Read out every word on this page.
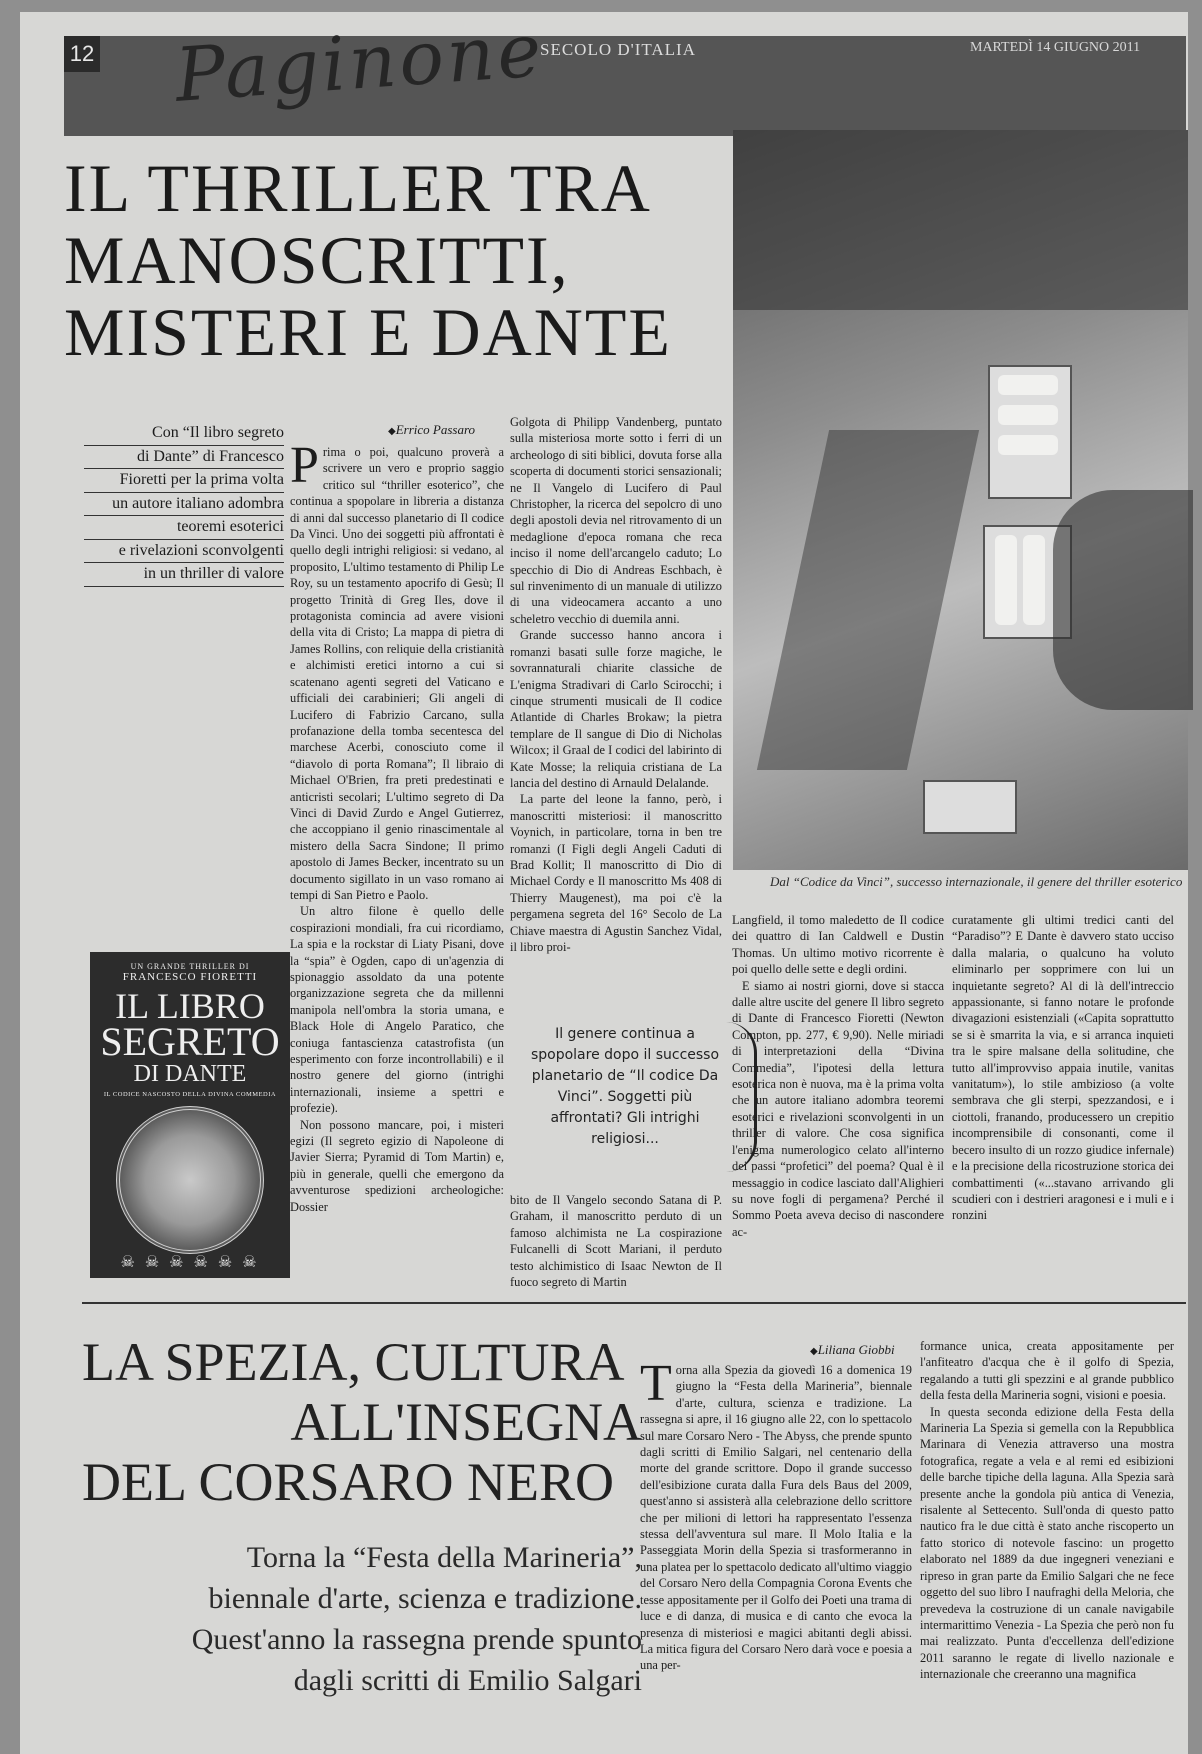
12 Paginone
SECOLO D'ITALIA	MARTEDÌ 14 GIUGNO 2011
IL THRILLER TRA
MANOSCRITTI,
MISTERI E DANTE
Dal “Codice da Vinci”, successo internazionale, il genere del thriller esoterico
Con “Il libro segreto
di Dante” di Francesco
Fioretti per la prima volta
un autore italiano adombra
teoremi esoterici
e rivelazioni sconvolgenti
in un thriller di valore
◆ Errico Passaro

Prima o poi, qualcuno proverà a scrivere un vero e proprio saggio critico sul “thriller esoterico”, che continua a spopolare in libreria a distanza di anni dal successo planetario di Il codice Da Vinci. Uno dei soggetti più affrontati è quello degli intrighi religiosi: si vedano, al proposito, L'ultimo testamento di Philip Le Roy, su un testamento apocrifo di Gesù; Il progetto Trinità di Greg Iles, dove il protagonista comincia ad avere visioni della vita di Cristo; La mappa di pietra di James Rollins, con reliquie della cristianità e alchimisti eretici intorno a cui si scatenano agenti segreti del Vaticano e ufficiali dei carabinieri; Gli angeli di Lucifero di Fabrizio Carcano, sulla profanazione della tomba secentesca del marchese Acerbi, conosciuto come il “diavolo di porta Romana”; Il libraio di Michael O'Brien, fra preti predestinati e anticristi secolari; L'ultimo segreto di Da Vinci di David Zurdo e Angel Gutierrez, che accoppiano il genio rinascimentale al mistero della Sacra Sindone; Il primo apostolo di James Becker, incentrato su un documento sigillato in un vaso romano ai tempi di San Pietro e Paolo.

Un altro filone è quello delle cospirazioni mondiali, fra cui ricordiamo, La spia e la rockstar di Liaty Pisani, dove la “spia” è Ogden, capo di un'agenzia di spionaggio assoldato da una potente organizzazione segreta che da millenni manipola nell'ombra la storia umana, e Black Hole di Angelo Paratico, che coniuga fantascienza catastrofista (un esperimento con forze incontrollabili) e il nostro genere del giorno (intrighi internazionali, insieme a spettri e profezie).

Non possono mancare, poi, i misteri egizi (Il segreto egizio di Napoleone di Javier Sierra; Pyramid di Tom Martin) e, più in generale, quelli che emergono da avventurose spedizioni archeologiche: Dossier

Golgota di Philipp Vandenberg, puntato sulla misteriosa morte sotto i ferri di un archeologo di siti biblici, dovuta forse alla scoperta di documenti storici sensazionali; ne Il Vangelo di Lucifero di Paul Christopher, la ricerca del sepolcro di uno degli apostoli devia nel ritrovamento di un medaglione d'epoca romana che reca inciso il nome dell'arcangelo caduto; Lo specchio di Dio di Andreas Eschbach, è sul rinvenimento di un manuale di utilizzo di una videocamera accanto a uno scheletro vecchio di duemila anni.

Grande successo hanno ancora i romanzi basati sulle forze magiche, le sovrannaturali chiarite classiche de L'enigma Stradivari di Carlo Scirocchi; i cinque strumenti musicali de Il codice Atlantide di Charles Brokaw; la pietra templare de Il sangue di Dio di Nicholas Wilcox; il Graal de I codici del labirinto di Kate Mosse; la reliquia cristiana de La lancia del destino di Arnauld Delalande.

La parte del leone la fanno, però, i manoscritti misteriosi: il manoscritto Voynich, in particolare, torna in ben tre romanzi (I Figli degli Angeli Caduti di Brad Kollit; Il manoscritto di Dio di Michael Cordy e Il manoscritto Ms 408 di Thierry Maugenest), ma poi c'è la pergamena segreta del 16° Secolo de La Chiave maestra di Agustin Sanchez Vidal, il libro proi-

Il genere continua a spopolare dopo il successo planetario de “Il codice Da Vinci”. Soggetti più affrontati? Gli intrighi religiosi...

bito de Il Vangelo secondo Satana di P. Graham, il manoscritto perduto di un famoso alchimista ne La cospirazione Fulcanelli di Scott Mariani, il perduto testo alchimistico di Isaac Newton de Il fuoco segreto di Martin

Langfield, il tomo maledetto de Il codice dei quattro di Ian Caldwell e Dustin Thomas. Un ultimo motivo ricorrente è poi quello delle sette e degli ordini.

E siamo ai nostri giorni, dove si stacca dalle altre uscite del genere Il libro segreto di Dante di Francesco Fioretti (Newton Compton, pp. 277, € 9,90). Nelle miriadi di interpretazioni della “Divina Commedia”, l'ipotesi della lettura esoterica non è nuova, ma è la prima volta che un autore italiano adombra teoremi esoterici e rivelazioni sconvolgenti in un thriller di valore. Che cosa significa l'enigma numerologico celato all'interno dei passi “profetici” del poema? Qual è il messaggio in codice lasciato dall'Alighieri su nove fogli di pergamena? Perché il Sommo Poeta aveva deciso di nascondere ac-

curatamente gli ultimi tredici canti del “Paradiso”? E Dante è davvero stato ucciso dalla malaria, o qualcuno ha voluto eliminarlo per sopprimere con lui un inquietante segreto? Al di là dell'intreccio appassionante, si fanno notare le profonde divagazioni esistenziali («Capita soprattutto se si è smarrita la via, e si arranca inquieti tra le spire malsane della solitudine, che tutto all'improvviso appaia inutile, vanitas vanitatum»), lo stile ambizioso (a volte sembrava che gli sterpi, spezzandosi, e i ciottoli, franando, producessero un crepitio incomprensibile di consonanti, come il becero insulto di un rozzo giudice infernale) e la precisione della ricostruzione storica dei combattimenti («...stavano arrivando gli scudieri con i destrieri aragonesi e i muli e i ronzini

UN GRANDE THRILLER DI
FRANCESCO FIORETTI
IL LIBRO
SEGRETO
DI DANTE
IL CODICE NASCOSTO DELLA DIVINA COMMEDIA
☠ ☠ ☠ ☠ ☠ ☠
LA SPEZIA, CULTURA
ALL'INSEGNA
DEL CORSARO NERO
Torna la “Festa della Marineria”,
biennale d'arte, scienza e tradizione.
Quest'anno la rassegna prende spunto
dagli scritti di Emilio Salgari
◆ Liliana Giobbi

Torna alla Spezia da giovedì 16 a domenica 19 giugno la “Festa della Marineria”, biennale d'arte, cultura, scienza e tradizione. La rassegna si apre, il 16 giugno alle 22, con lo spettacolo sul mare Corsaro Nero - The Abyss, che prende spunto dagli scritti di Emilio Salgari, nel centenario della morte del grande scrittore. Dopo il grande successo dell'esibizione curata dalla Fura dels Baus del 2009, quest'anno si assisterà alla celebrazione dello scrittore che per milioni di lettori ha rappresentato l'essenza stessa dell'avventura sul mare. Il Molo Italia e la Passeggiata Morin della Spezia si trasformeranno in una platea per lo spettacolo dedicato all'ultimo viaggio del Corsaro Nero della Compagnia Corona Events che tesse appositamente per il Golfo dei Poeti una trama di luce e di danza, di musica e di canto che evoca la presenza di misteriosi e magici abitanti degli abissi. La mitica figura del Corsaro Nero darà voce e poesia a una per-

formance unica, creata appositamente per l'anfiteatro d'acqua che è il golfo di Spezia, regalando a tutti gli spezzini e al grande pubblico della festa della Marineria sogni, visioni e poesia.

In questa seconda edizione della Festa della Marineria La Spezia si gemella con la Repubblica Marinara di Venezia attraverso una mostra fotografica, regate a vela e al remi ed esibizioni delle barche tipiche della laguna. Alla Spezia sarà presente anche la gondola più antica di Venezia, risalente al Settecento. Sull'onda di questo patto nautico fra le due città è stato anche riscoperto un fatto storico di notevole fascino: un progetto elaborato nel 1889 da due ingegneri veneziani e ripreso in gran parte da Emilio Salgari che ne fece oggetto del suo libro I naufraghi della Meloria, che prevedeva la costruzione di un canale navigabile intermarittimo Venezia - La Spezia che però non fu mai realizzato. Punta d'eccellenza dell'edizione 2011 saranno le regate di livello nazionale e internazionale che creeranno una magnifica
